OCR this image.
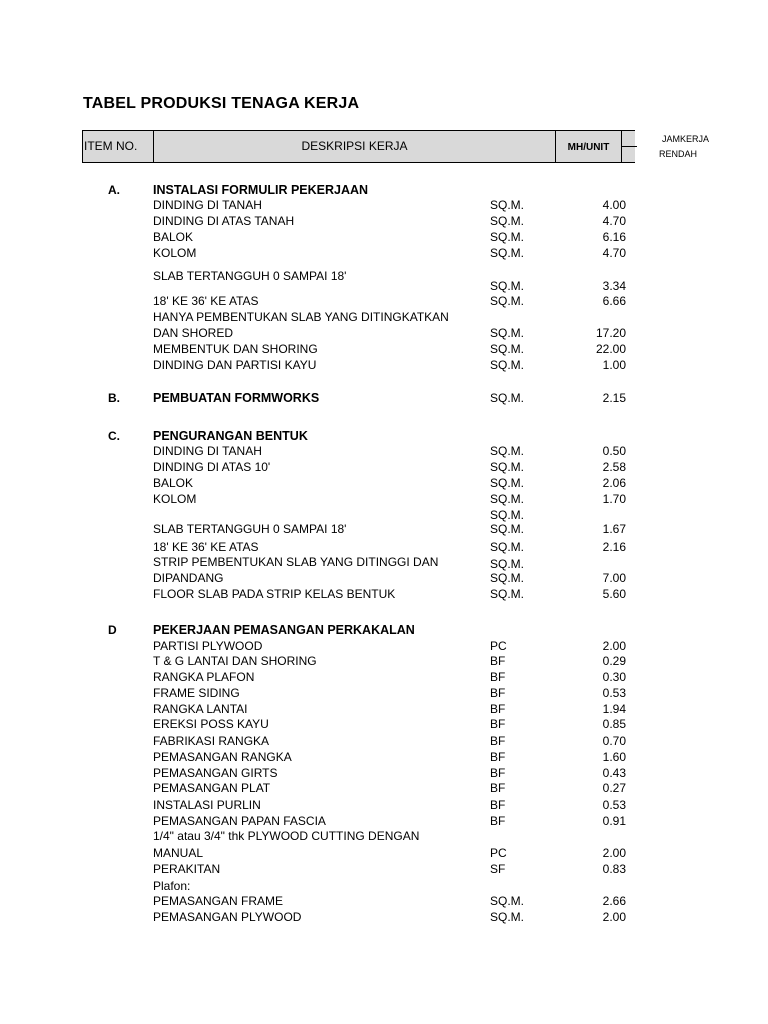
TABEL PRODUKSI TENAGA KERJA
ITEM NO.	DESKRIPSI KERJA	MH/UNIT
JAMKERJA
RENDAH
A.	INSTALASI FORMULIR PEKERJAAN
DINDING DI TANAH	SQ.M.	4.00
DINDING DI ATAS TANAH	SQ.M.	4.70
BALOK	SQ.M.	6.16
KOLOM	SQ.M.	4.70
SLAB TERTANGGUH 0 SAMPAI 18'
SQ.M.	3.34
18' KE 36' KE ATAS	SQ.M.	6.66
HANYA PEMBENTUKAN SLAB YANG DITINGKATKAN
DAN SHORED	SQ.M.	17.20
MEMBENTUK DAN SHORING	SQ.M.	22.00
DINDING DAN PARTISI KAYU	SQ.M.	1.00
B.	PEMBUATAN FORMWORKS	SQ.M.	2.15
C.	PENGURANGAN BENTUK
DINDING DI TANAH	SQ.M.	0.50
DINDING DI ATAS 10'	SQ.M.	2.58
BALOK	SQ.M.	2.06
KOLOM	SQ.M.	1.70
SQ.M.
SLAB TERTANGGUH 0 SAMPAI 18'	SQ.M.	1.67
18' KE 36' KE ATAS	SQ.M.	2.16
STRIP PEMBENTUKAN SLAB YANG DITINGGI DAN	SQ.M.
DIPANDANG	SQ.M.	7.00
FLOOR SLAB PADA STRIP KELAS BENTUK	SQ.M.	5.60
D	PEKERJAAN PEMASANGAN PERKAKALAN
PARTISI PLYWOOD	PC	2.00
T & G LANTAI DAN SHORING	BF	0.29
RANGKA PLAFON	BF	0.30
FRAME SIDING	BF	0.53
RANGKA LANTAI	BF	1.94
EREKSI POSS KAYU	BF	0.85
FABRIKASI RANGKA	BF	0.70
PEMASANGAN RANGKA	BF	1.60
PEMASANGAN GIRTS	BF	0.43
PEMASANGAN PLAT	BF	0.27
INSTALASI PURLIN	BF	0.53
PEMASANGAN PAPAN FASCIA	BF	0.91
1/4" atau 3/4" thk PLYWOOD CUTTING DENGAN
MANUAL	PC	2.00
PERAKITAN	SF	0.83
Plafon:
PEMASANGAN FRAME	SQ.M.	2.66
PEMASANGAN PLYWOOD	SQ.M.	2.00
